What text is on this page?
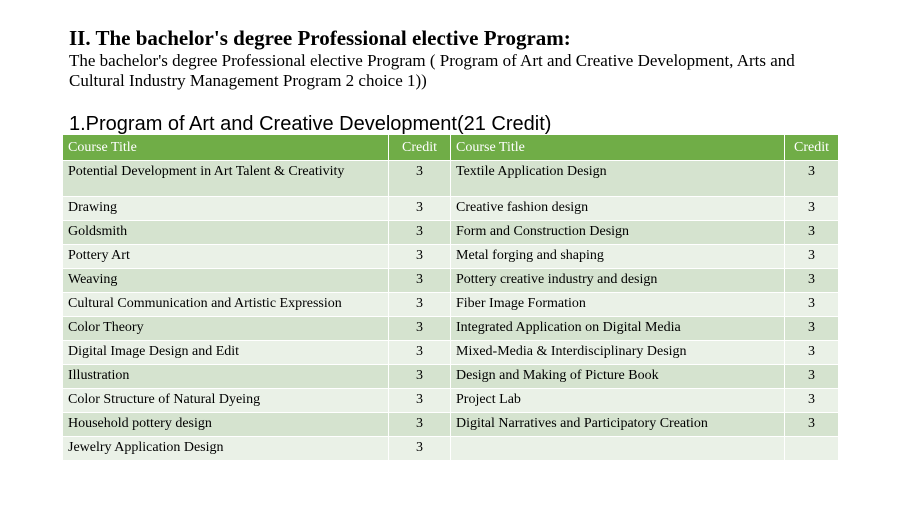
II. The bachelor's degree Professional elective Program:
The bachelor's degree Professional elective Program ( Program of Art and Creative Development, Arts and Cultural Industry Management Program 2 choice 1))
1.Program of Art and Creative Development(21 Credit)
Course Title	Credit	Course Title	Credit
Potential Development in Art Talent & Creativity	3	Textile Application Design	3
Drawing	3	Creative fashion design	3
Goldsmith	3	Form and Construction Design	3
Pottery Art	3	Metal forging and shaping	3
Weaving	3	Pottery creative industry and design	3
Cultural Communication and Artistic Expression	3	Fiber Image Formation	3
Color Theory	3	Integrated Application on Digital Media	3
Digital Image Design and Edit	3	Mixed-Media & Interdisciplinary Design	3
Illustration	3	Design and Making of Picture Book	3
Color Structure of Natural Dyeing	3	Project Lab	3
Household pottery design	3	Digital Narratives and Participatory Creation	3
Jewelry Application Design	3		
